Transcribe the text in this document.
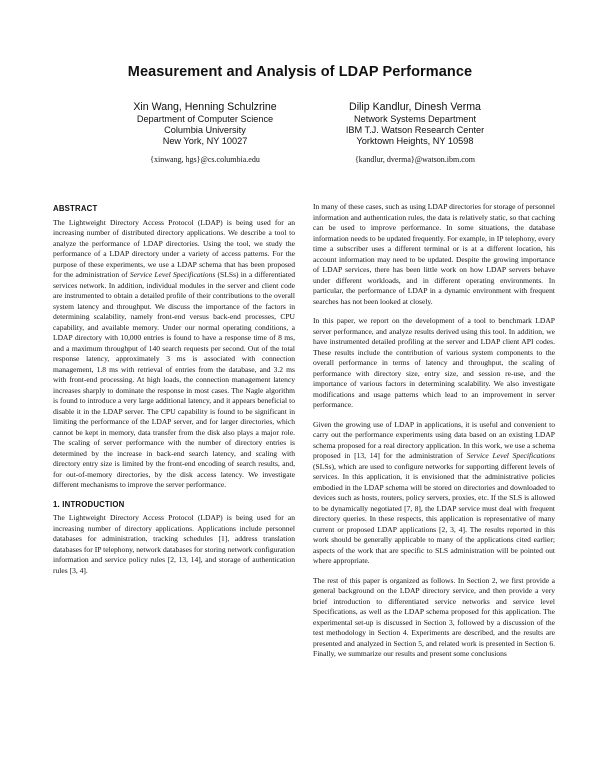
Measurement and Analysis of LDAP Performance
Xin Wang, Henning Schulzrine
Department of Computer Science
Columbia University
New York, NY 10027
{xinwang, hgs}@cs.columbia.edu
Dilip Kandlur, Dinesh Verma
Network Systems Department
IBM T.J. Watson Research Center
Yorktown Heights, NY 10598
{kandlur, dverma}@watson.ibm.com
ABSTRACT

The Lightweight Directory Access Protocol (LDAP) is being used for an increasing number of distributed directory applications. We describe a tool to analyze the performance of LDAP directories. Using the tool, we study the performance of a LDAP directory under a variety of access patterns. For the purpose of these experiments, we use a LDAP schema that has been proposed for the administration of Service Level Specifications (SLSs) in a differentiated services network. In addition, individual modules in the server and client code are instrumented to obtain a detailed profile of their contributions to the overall system latency and throughput. We discuss the importance of the factors in determining scalability, namely front-end versus back-end processes, CPU capability, and available memory. Under our normal operating conditions, a LDAP directory with 10,000 entries is found to have a response time of 8 ms, and a maximum throughput of 140 search requests per second. Out of the total response latency, approximately 3 ms is associated with connection management, 1.8 ms with retrieval of entries from the database, and 3.2 ms with front-end processing. At high loads, the connection management latency increases sharply to dominate the response in most cases. The Nagle algorithm is found to introduce a very large additional latency, and it appears beneficial to disable it in the LDAP server. The CPU capability is found to be significant in limiting the performance of the LDAP server, and for larger directories, which cannot be kept in memory, data transfer from the disk also plays a major role. The scaling of server performance with the number of directory entries is determined by the increase in back-end search latency, and scaling with directory entry size is limited by the front-end encoding of search results, and, for out-of-memory directories, by the disk access latency. We investigate different mechanisms to improve the server performance.

1. INTRODUCTION

The Lightweight Directory Access Protocol (LDAP) is being used for an increasing number of directory applications. Applications include personnel databases for administration, tracking schedules [1], address translation databases for IP telephony, network databases for storing network configuration information and service policy rules [2, 13, 14], and storage of authentication rules [3, 4].

In many of these cases, such as using LDAP directories for storage of personnel information and authentication rules, the data is relatively static, so that caching can be used to improve performance. In some situations, the database information needs to be updated frequently. For example, in IP telephony, every time a subscriber uses a different terminal or is at a different location, his account information may need to be updated. Despite the growing importance of LDAP services, there has been little work on how LDAP servers behave under different workloads, and in different operating environments. In particular, the performance of LDAP in a dynamic environment with frequent searches has not been looked at closely.

In this paper, we report on the development of a tool to benchmark LDAP server performance, and analyze results derived using this tool. In addition, we have instrumented detailed profiling at the server and LDAP client API codes. These results include the contribution of various system components to the overall performance in terms of latency and throughput, the scaling of performance with directory size, entry size, and session re-use, and the importance of various factors in determining scalability. We also investigate modifications and usage patterns which lead to an improvement in server performance.

Given the growing use of LDAP in applications, it is useful and convenient to carry out the performance experiments using data based on an existing LDAP schema proposed for a real directory application. In this work, we use a schema proposed in [13, 14] for the administration of Service Level Specifications (SLSs), which are used to configure networks for supporting different levels of services. In this application, it is envisioned that the administrative policies embodied in the LDAP schema will be stored on directories and downloaded to devices such as hosts, routers, policy servers, proxies, etc. If the SLS is allowed to be dynamically negotiated [7, 8], the LDAP service must deal with frequent directory queries. In these respects, this application is representative of many current or proposed LDAP applications [2, 3, 4]. The results reported in this work should be generally applicable to many of the applications cited earlier; aspects of the work that are specific to SLS administration will be pointed out where appropriate.

The rest of this paper is organized as follows. In Section 2, we first provide a general background on the LDAP directory service, and then provide a very brief introduction to differentiated service networks and service level Specifications, as well as the LDAP schema proposed for this application. The experimental set-up is discussed in Section 3, followed by a discussion of the test methodology in Section 4. Experiments are described, and the results are presented and analyzed in Section 5, and related work is presented in Section 6. Finally, we summarize our results and present some conclusions
